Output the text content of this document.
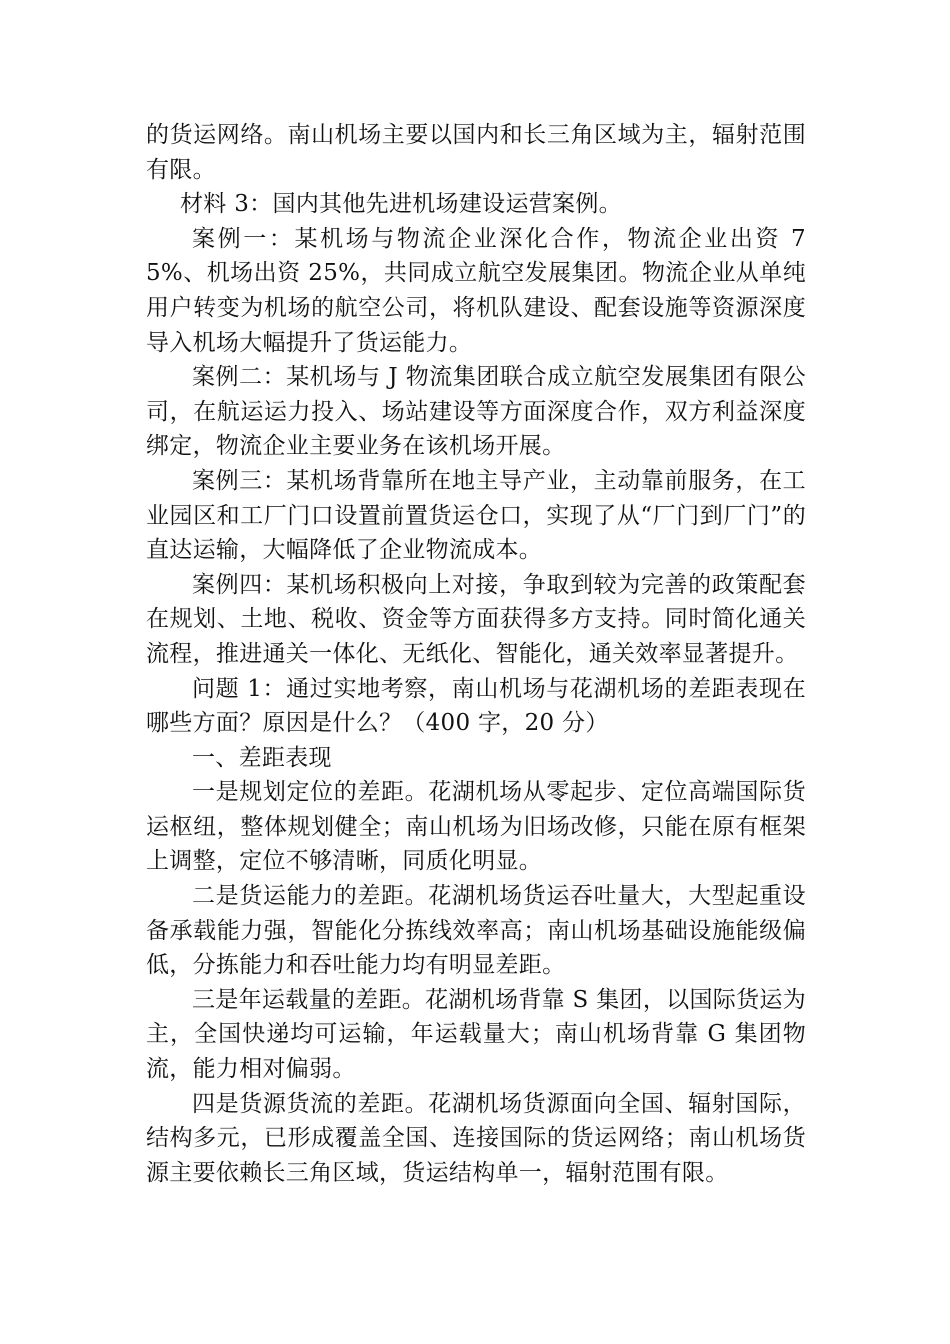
的货运网络。南山机场主要以国内和长三角区域为主，辐射范围有限。

材料 3：国内其他先进机场建设运营案例。

案例一：某机场与物流企业深化合作，物流企业出资 75%、机场出资 25%，共同成立航空发展集团。物流企业从单纯用户转变为机场的航空公司，将机队建设、配套设施等资源深度导入机场大幅提升了货运能力。

案例二：某机场与 J 物流集团联合成立航空发展集团有限公司，在航运运力投入、场站建设等方面深度合作，双方利益深度绑定，物流企业主要业务在该机场开展。

案例三：某机场背靠所在地主导产业，主动靠前服务，在工业园区和工厂门口设置前置货运仓口，实现了从“厂门到厂门”的直达运输，大幅降低了企业物流成本。

案例四：某机场积极向上对接，争取到较为完善的政策配套在规划、土地、税收、资金等方面获得多方支持。同时简化通关流程，推进通关一体化、无纸化、智能化，通关效率显著提升。

问题 1：通过实地考察，南山机场与花湖机场的差距表现在哪些方面？原因是什么？（400 字，20 分）

一、差距表现

一是规划定位的差距。花湖机场从零起步、定位高端国际货运枢纽，整体规划健全；南山机场为旧场改修，只能在原有框架上调整，定位不够清晰，同质化明显。

二是货运能力的差距。花湖机场货运吞吐量大，大型起重设备承载能力强，智能化分拣线效率高；南山机场基础设施能级偏低，分拣能力和吞吐能力均有明显差距。

三是年运载量的差距。花湖机场背靠 S 集团，以国际货运为主，全国快递均可运输，年运载量大；南山机场背靠 G 集团物流，能力相对偏弱。

四是货源货流的差距。花湖机场货源面向全国、辐射国际，结构多元，已形成覆盖全国、连接国际的货运网络；南山机场货源主要依赖长三角区域，货运结构单一，辐射范围有限。
